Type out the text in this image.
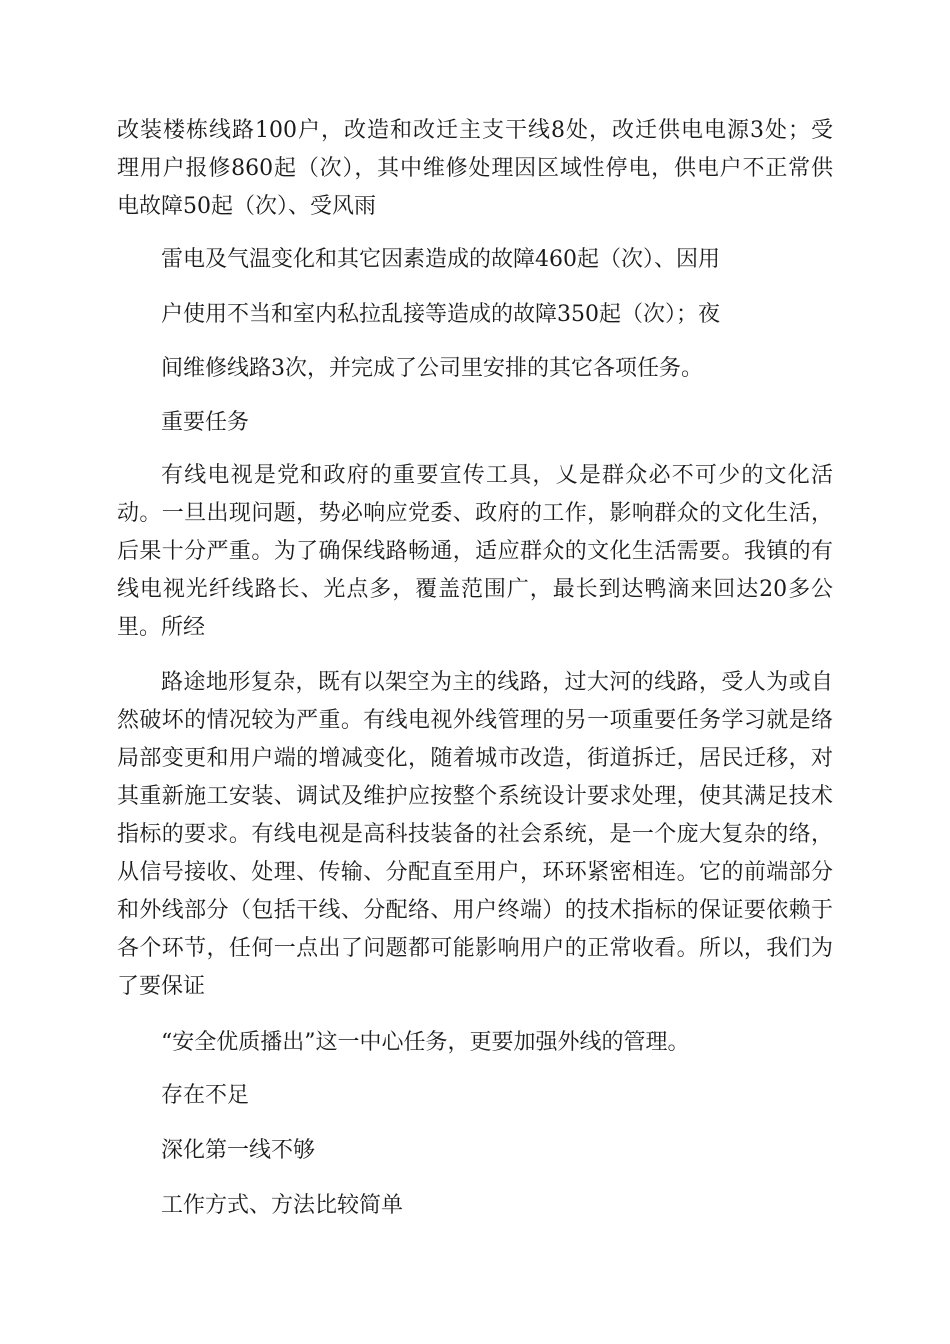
改装楼栋线路100户，改造和改迁主支干线8处，改迁供电电源3处；受
理用户报修860起（次），其中维修处理因区域性停电，供电户不正常供
电故障50起（次）、受风雨

雷电及气温变化和其它因素造成的故障460起（次）、因用

户使用不当和室内私拉乱接等造成的故障350起（次）；夜

间维修线路3次，并完成了公司里安排的其它各项任务。

重要任务

有线电视是党和政府的重要宣传工具，乂是群众必不可少的文化活
动。一旦出现问题，势必响应党委、政府的工作，影响群众的文化生活，
后果十分严重。为了确保线路畅通，适应群众的文化生活需要。我镇的有
线电视光纤线路长、光点多，覆盖范围广，最长到达鸭滴来回达20多公
里。所经
路途地形复杂，既有以架空为主的线路，过大河的线路，受人为或自
然破坏的情况较为严重。有线电视外线管理的另一项重要任务学习就是络
局部变更和用户端的增减变化，随着城市改造，街道拆迁，居民迁移，对
其重新施工安装、调试及维护应按整个系统设计要求处理，使其满足技术
指标的要求。有线电视是高科技装备的社会系统，是一个庞大复杂的络，
从信号接收、处理、传输、分配直至用户，环环紧密相连。它的前端部分
和外线部分（包括干线、分配络、用户终端）的技术指标的保证要依赖于
各个环节，任何一点出了问题都可能影响用户的正常收看。所以，我们为
了要保证

“安全优质播出”这一中心任务，更要加强外线的管理。

存在不足

深化第一线不够

工作方式、方法比较简单
